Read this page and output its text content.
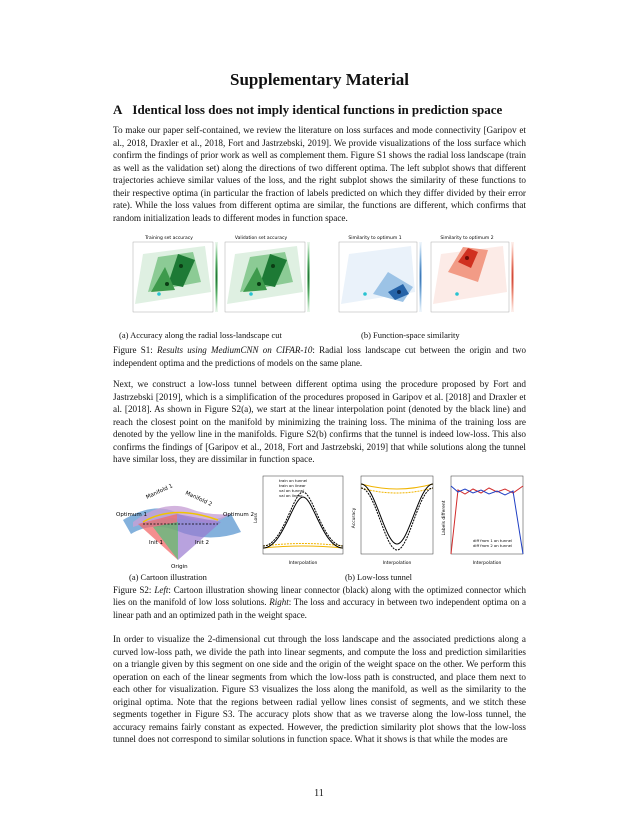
Supplementary Material
A Identical loss does not imply identical functions in prediction space

To make our paper self-contained, we review the literature on loss surfaces and mode connectivity [Garipov et al., 2018, Draxler et al., 2018, Fort and Jastrzebski, 2019]. We provide visualizations of the loss surface which confirm the findings of prior work as well as complement them. Figure S1 shows the radial loss landscape (train as well as the validation set) along the directions of two different optima. The left subplot shows that different trajectories achieve similar values of the loss, and the right subplot shows the similarity of these functions to their respective optima (in particular the fraction of labels predicted on which they differ divided by their error rate). While the loss values from different optima are similar, the functions are different, which confirms that random initialization leads to different modes in function space.

Training set accuracy	Validation set accuracy	Similarity to optimum 1	Similarity to optimum 2
(a) Accuracy along the radial loss-landscape cut	(b) Function-space similarity

Figure S1: Results using MediumCNN on CIFAR-10: Radial loss landscape cut between the origin and two independent optima and the predictions of models on the same plane.

Next, we construct a low-loss tunnel between different optima using the procedure proposed by Fort and Jastrzebski [2019], which is a simplification of the procedures proposed in Garipov et al. [2018] and Draxler et al. [2018]. As shown in Figure S2(a), we start at the linear interpolation point (denoted by the black line) and reach the closest point on the manifold by minimizing the training loss. The minima of the training loss are denoted by the yellow line in the manifolds. Figure S2(b) confirms that the tunnel is indeed low-loss. This also confirms the findings of [Garipov et al., 2018, Fort and Jastrzebski, 2019] that while solutions along the tunnel have similar loss, they are dissimilar in function space.

Optimum 1	Optimum 2
Manifold 1 Manifold 2
Init 1	Init 2
Origin
Loss
Interpolation
train on tunnel
train on linear
val on tunnel
val on linear
Accuracy
Interpolation
Labels different
Interpolation
diff from 1 on tunnel
diff from 2 on tunnel
(a) Cartoon illustration	(b) Low-loss tunnel

Figure S2: Left: Cartoon illustration showing linear connector (black) along with the optimized connector which lies on the manifold of low loss solutions. Right: The loss and accuracy in between two independent optima on a linear path and an optimized path in the weight space.

In order to visualize the 2-dimensional cut through the loss landscape and the associated predictions along a curved low-loss path, we divide the path into linear segments, and compute the loss and prediction similarities on a triangle given by this segment on one side and the origin of the weight space on the other. We perform this operation on each of the linear segments from which the low-loss path is constructed, and place them next to each other for visualization. Figure S3 visualizes the loss along the manifold, as well as the similarity to the original optima. Note that the regions between radial yellow lines consist of segments, and we stitch these segments together in Figure S3. The accuracy plots show that as we traverse along the low-loss tunnel, the accuracy remains fairly constant as expected. However, the prediction similarity plot shows that the low-loss tunnel does not correspond to similar solutions in function space. What it shows is that while the modes are

11
